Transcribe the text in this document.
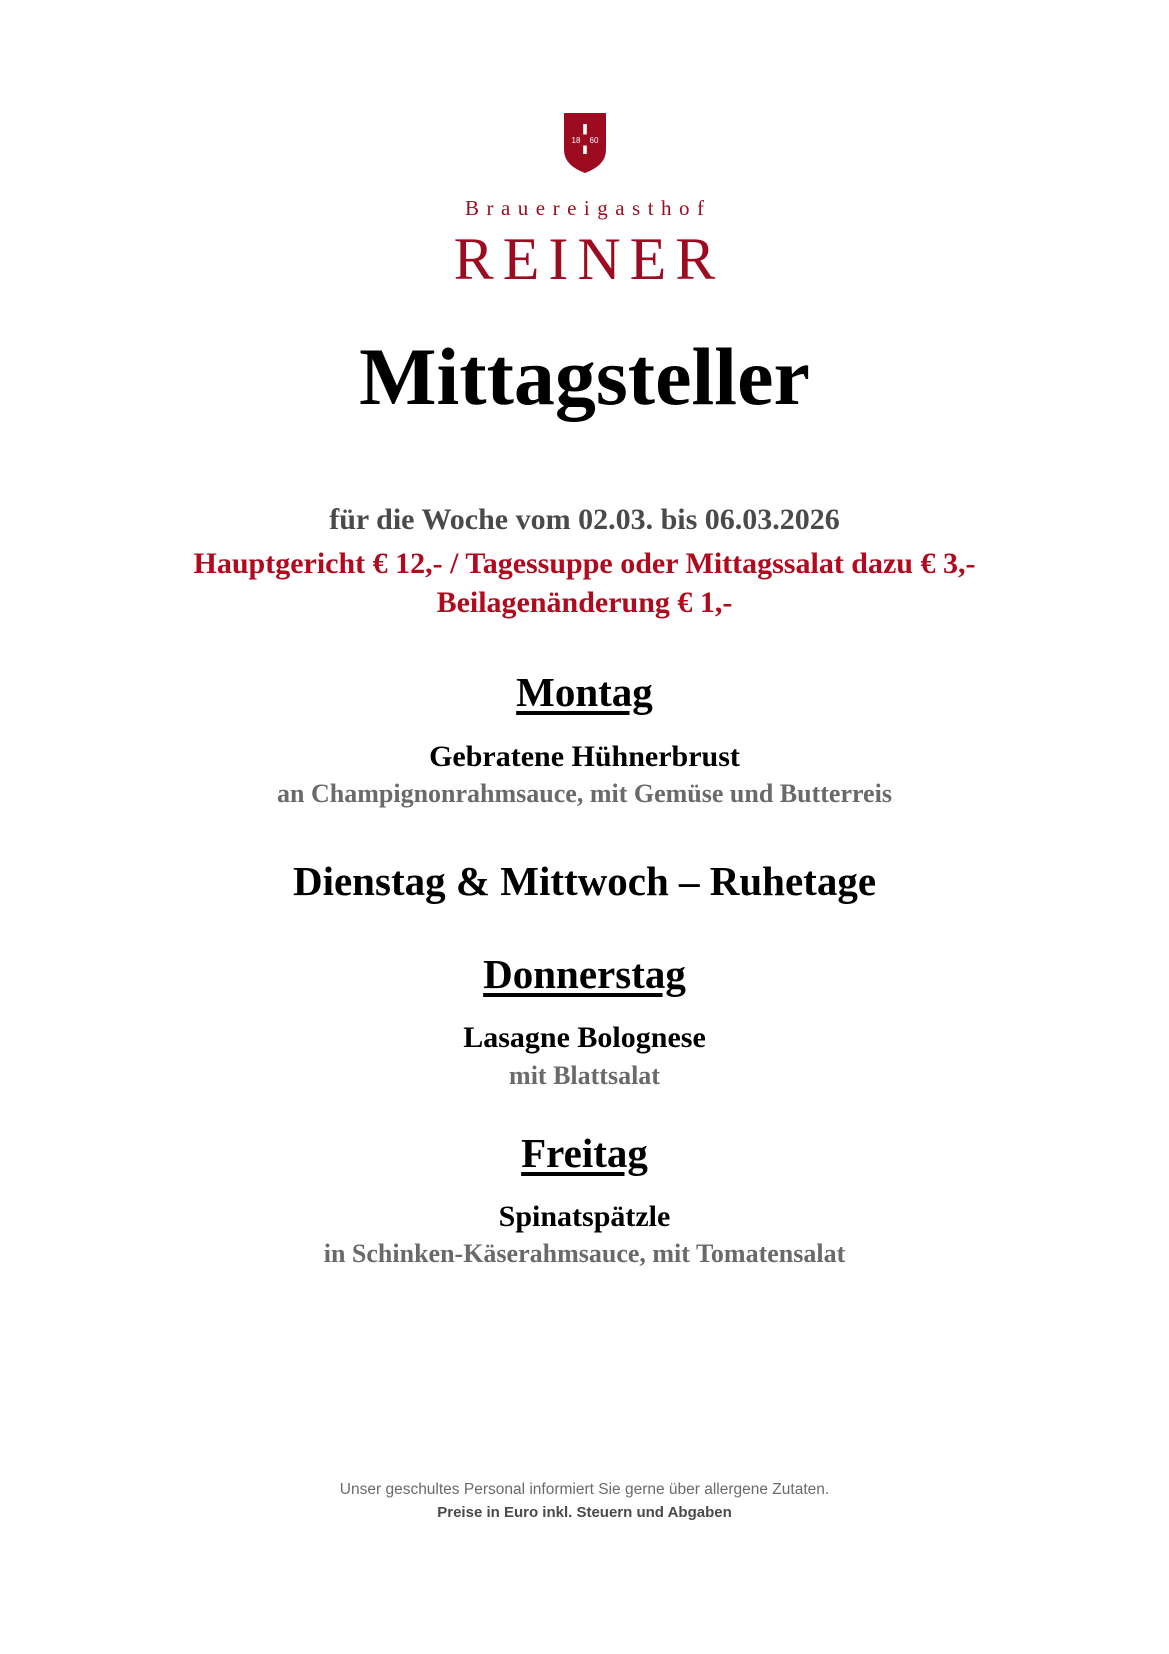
18 60
Brauereigasthof
REINER
Mittagsteller
für die Woche vom 02.03. bis 06.03.2026
Hauptgericht € 12,- / Tagessuppe oder Mittagssalat dazu € 3,-
Beilagenänderung € 1,-
Montag
Gebratene Hühnerbrust
an Champignonrahmsauce, mit Gemüse und Butterreis
Dienstag & Mittwoch – Ruhetage
Donnerstag
Lasagne Bolognese
mit Blattsalat
Freitag
Spinatspätzle
in Schinken-Käserahmsauce, mit Tomatensalat
Unser geschultes Personal informiert Sie gerne über allergene Zutaten.
Preise in Euro inkl. Steuern und Abgaben
